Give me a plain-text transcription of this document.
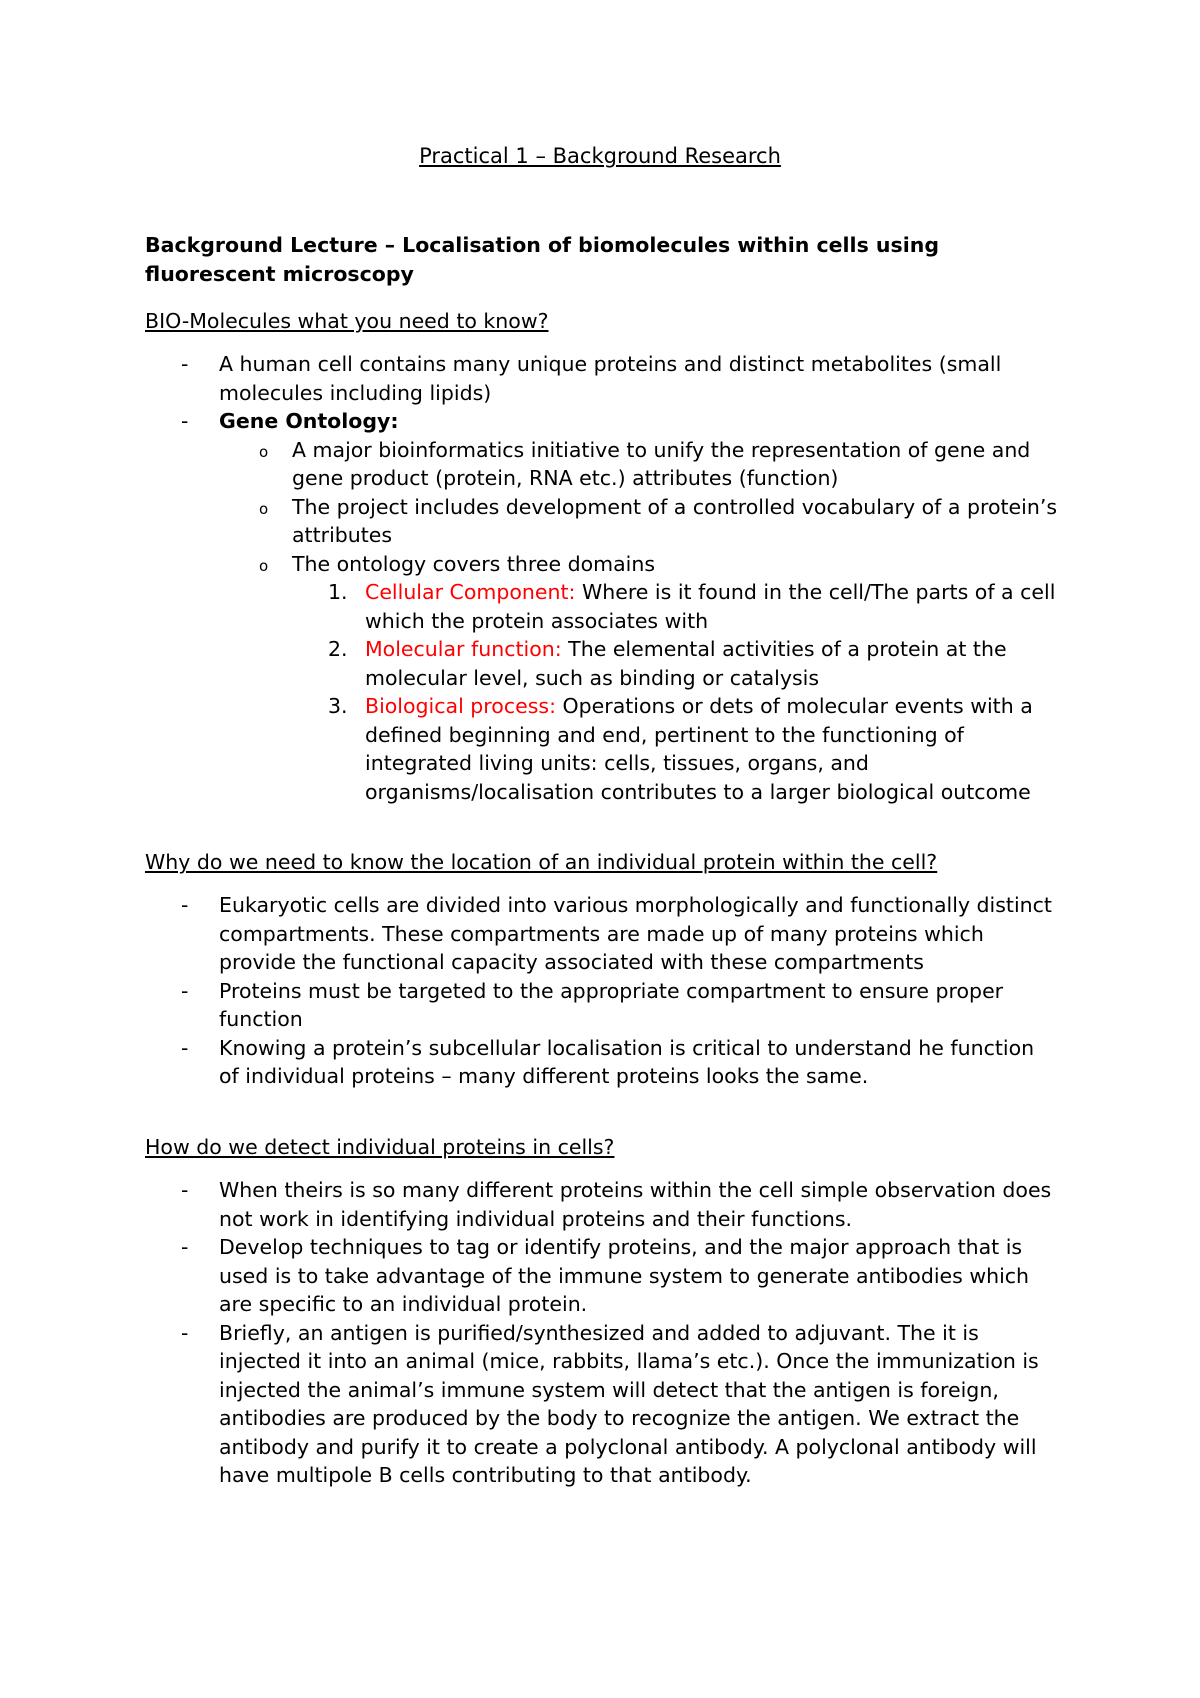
Practical 1 – Background Research
Background Lecture – Localisation of biomolecules within cells using fluorescent microscopy
BIO-Molecules what you need to know?
- A human cell contains many unique proteins and distinct metabolites (small molecules including lipids)
- Gene Ontology:
o A major bioinformatics initiative to unify the representation of gene and gene product (protein, RNA etc.) attributes (function)
o The project includes development of a controlled vocabulary of a protein’s attributes
o The ontology covers three domains
1. Cellular Component: Where is it found in the cell/The parts of a cell which the protein associates with
2. Molecular function: The elemental activities of a protein at the molecular level, such as binding or catalysis
3. Biological process: Operations or dets of molecular events with a defined beginning and end, pertinent to the functioning of integrated living units: cells, tissues, organs, and organisms/localisation contributes to a larger biological outcome
Why do we need to know the location of an individual protein within the cell?
- Eukaryotic cells are divided into various morphologically and functionally distinct compartments. These compartments are made up of many proteins which provide the functional capacity associated with these compartments
- Proteins must be targeted to the appropriate compartment to ensure proper function
- Knowing a protein’s subcellular localisation is critical to understand he function of individual proteins – many different proteins looks the same.
How do we detect individual proteins in cells?
- When theirs is so many different proteins within the cell simple observation does not work in identifying individual proteins and their functions.
- Develop techniques to tag or identify proteins, and the major approach that is used is to take advantage of the immune system to generate antibodies which are specific to an individual protein.
- Briefly, an antigen is purified/synthesized and added to adjuvant. The it is injected it into an animal (mice, rabbits, llama’s etc.). Once the immunization is injected the animal’s immune system will detect that the antigen is foreign, antibodies are produced by the body to recognize the antigen. We extract the antibody and purify it to create a polyclonal antibody. A polyclonal antibody will have multipole B cells contributing to that antibody.
